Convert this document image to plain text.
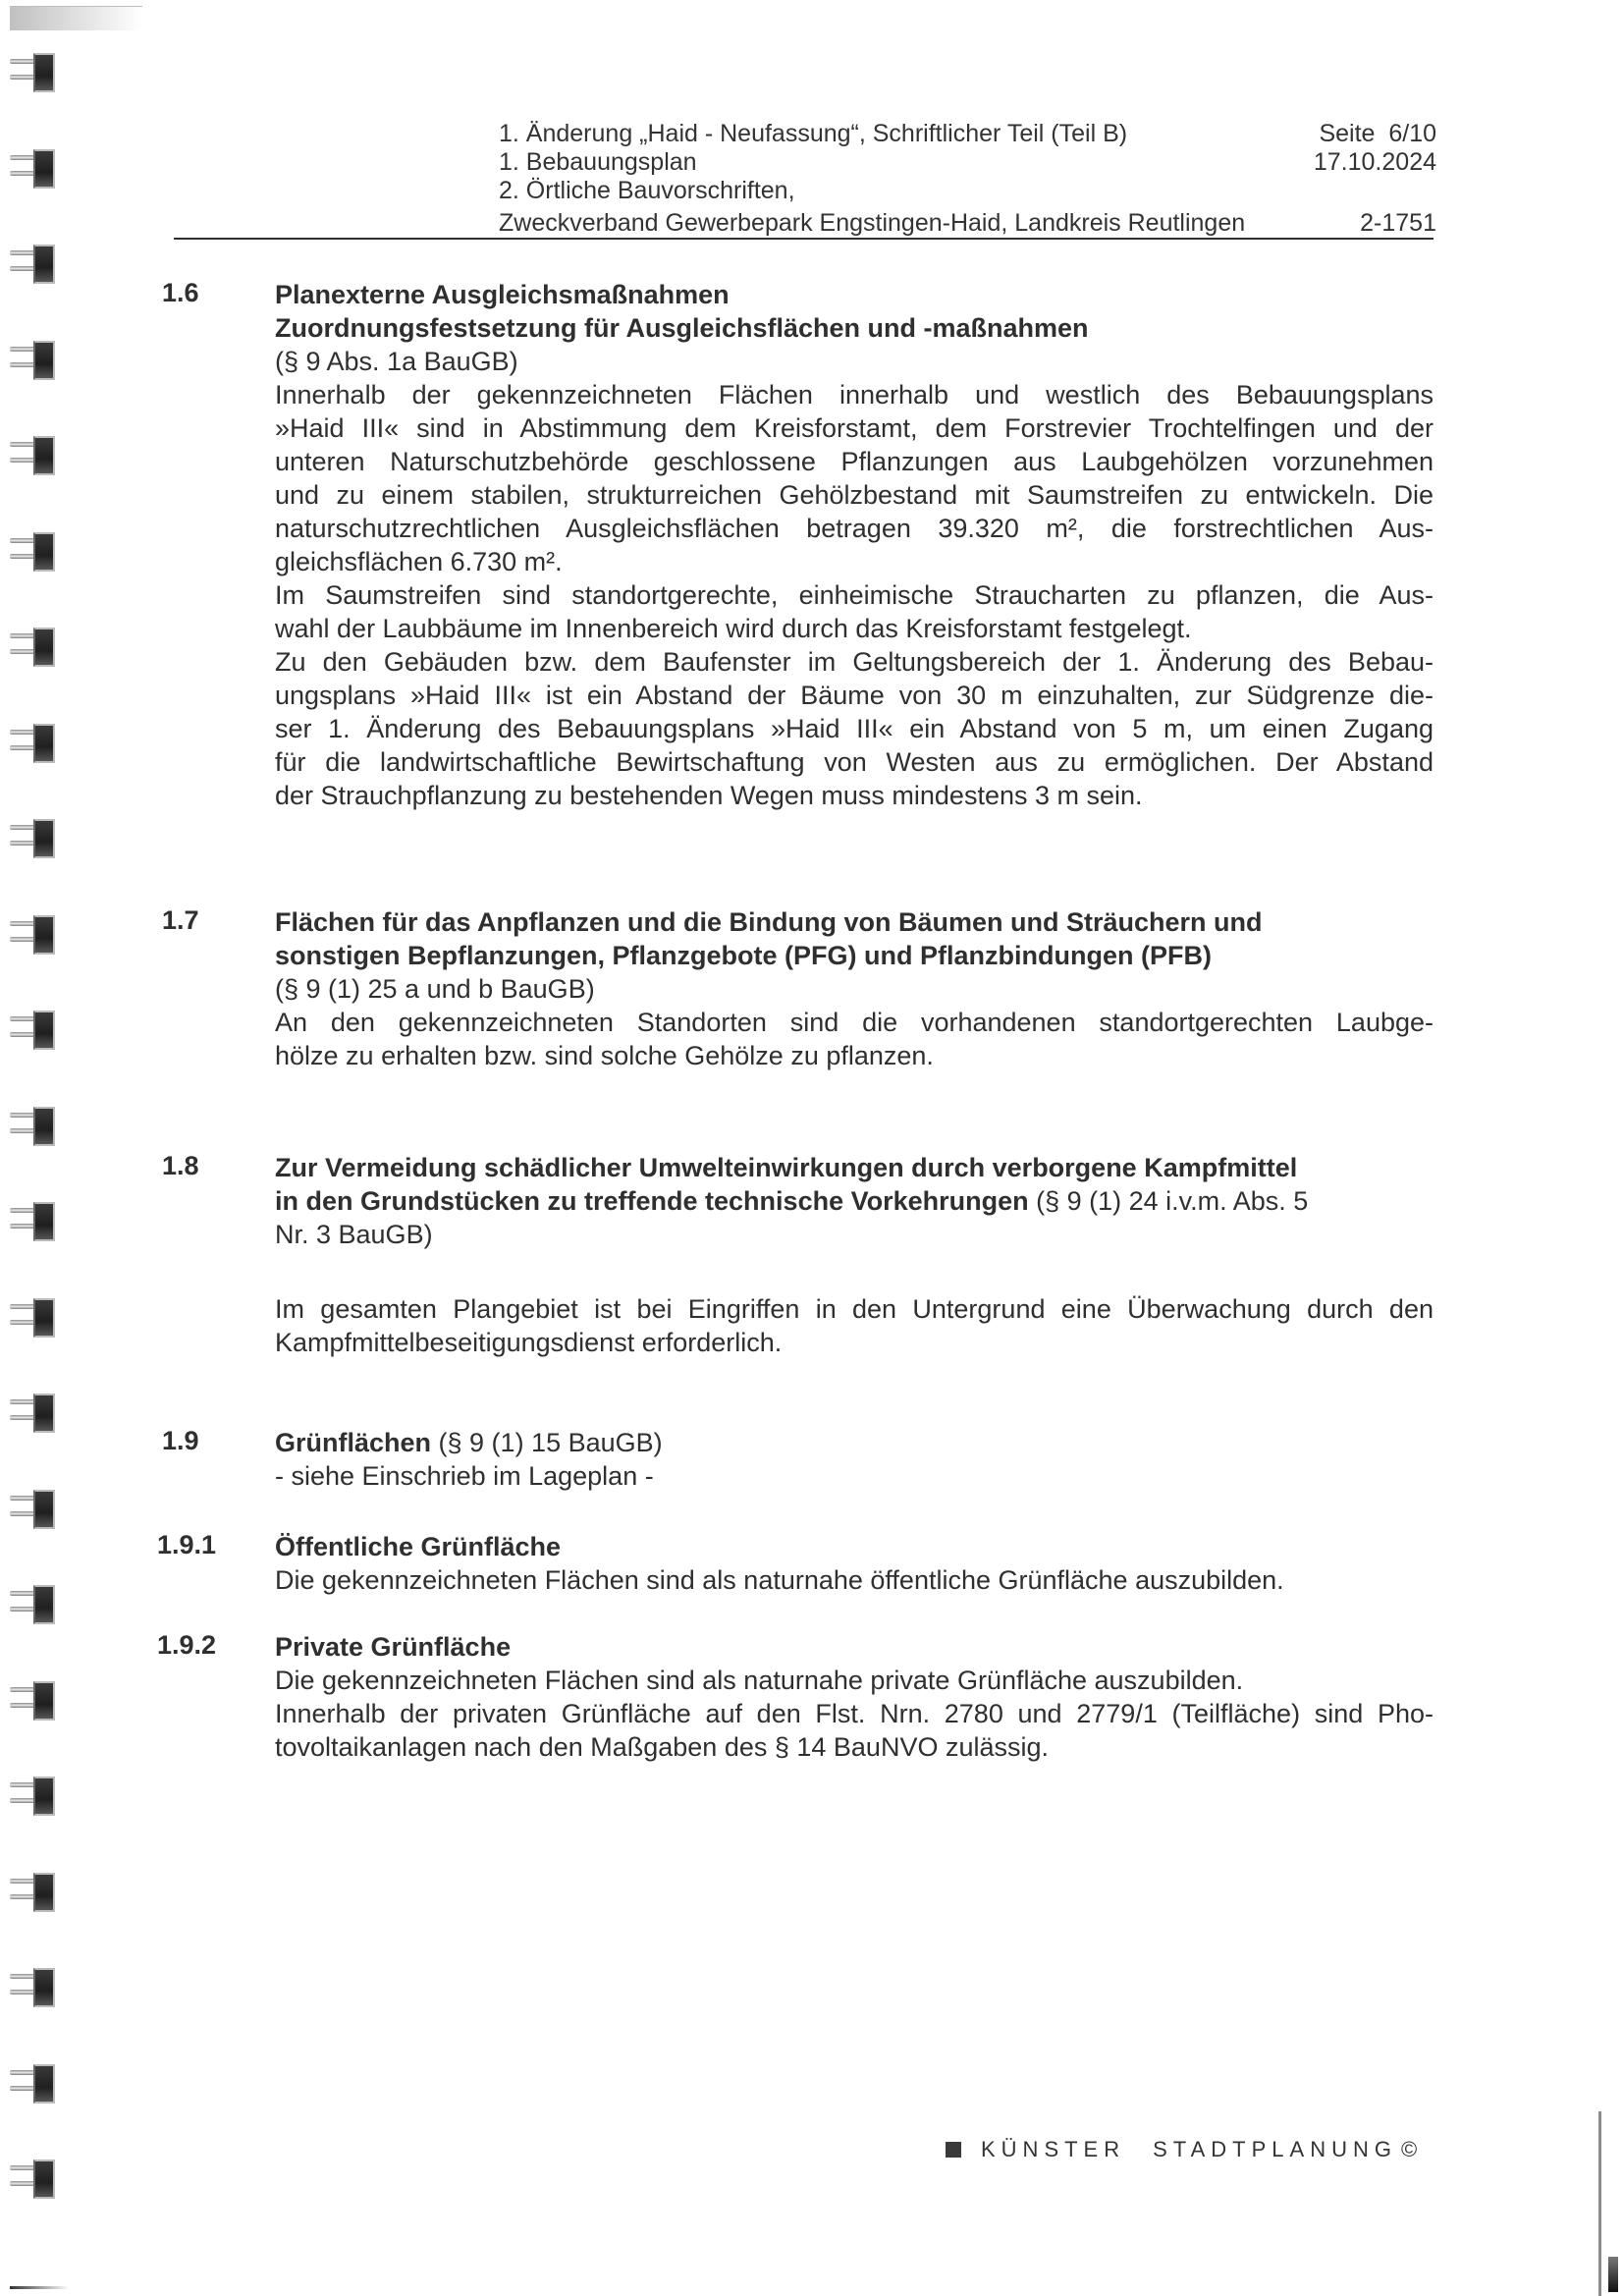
1. Änderung „Haid - Neufassung“, Schriftlicher Teil (Teil B)	Seite  6/10
1. Bebauungsplan	17.10.2024
2. Örtliche Bauvorschriften,
Zweckverband Gewerbepark Engstingen-Haid, Landkreis Reutlingen	2-1751
1.6	Planexterne Ausgleichsmaßnahmen
Zuordnungsfestsetzung für Ausgleichsflächen und -maßnahmen
(§ 9 Abs. 1a BauGB)
Innerhalb der gekennzeichneten Flächen innerhalb und westlich des Bebauungsplans
»Haid III« sind in Abstimmung dem Kreisforstamt, dem Forstrevier Trochtelfingen und der
unteren Naturschutzbehörde geschlossene Pflanzungen aus Laubgehölzen vorzunehmen
und zu einem stabilen, strukturreichen Gehölzbestand mit Saumstreifen zu entwickeln. Die
naturschutzrechtlichen Ausgleichsflächen betragen 39.320 m², die forstrechtlichen Aus-
gleichsflächen 6.730 m².
Im Saumstreifen sind standortgerechte, einheimische Straucharten zu pflanzen, die Aus-
wahl der Laubbäume im Innenbereich wird durch das Kreisforstamt festgelegt.
Zu den Gebäuden bzw. dem Baufenster im Geltungsbereich der 1. Änderung des Bebau-
ungsplans »Haid III« ist ein Abstand der Bäume von 30 m einzuhalten, zur Südgrenze die-
ser 1. Änderung des Bebauungsplans »Haid III« ein Abstand von 5 m, um einen Zugang
für die landwirtschaftliche Bewirtschaftung von Westen aus zu ermöglichen. Der Abstand
der Strauchpflanzung zu bestehenden Wegen muss mindestens 3 m sein.
1.7	Flächen für das Anpflanzen und die Bindung von Bäumen und Sträuchern und
sonstigen Bepflanzungen, Pflanzgebote (PFG) und Pflanzbindungen (PFB)
(§ 9 (1) 25 a und b BauGB)
An den gekennzeichneten Standorten sind die vorhandenen standortgerechten Laubge-
hölze zu erhalten bzw. sind solche Gehölze zu pflanzen.
1.8	Zur Vermeidung schädlicher Umwelteinwirkungen durch verborgene Kampfmittel
in den Grundstücken zu treffende technische Vorkehrungen (§ 9 (1) 24 i.v.m. Abs. 5
Nr. 3 BauGB)
Im gesamten Plangebiet ist bei Eingriffen in den Untergrund eine Überwachung durch den
Kampfmittelbeseitigungsdienst erforderlich.
1.9	Grünflächen (§ 9 (1) 15 BauGB)
- siehe Einschrieb im Lageplan -
1.9.1 Öffentliche Grünfläche
Die gekennzeichneten Flächen sind als naturnahe öffentliche Grünfläche auszubilden.
1.9.2 Private Grünfläche
Die gekennzeichneten Flächen sind als naturnahe private Grünfläche auszubilden.
Innerhalb der privaten Grünfläche auf den Flst. Nrn. 2780 und 2779/1 (Teilfläche) sind Pho-
tovoltaikanlagen nach den Maßgaben des § 14 BauNVO zulässig.
KÜNSTER STADTPLANUNG ©
